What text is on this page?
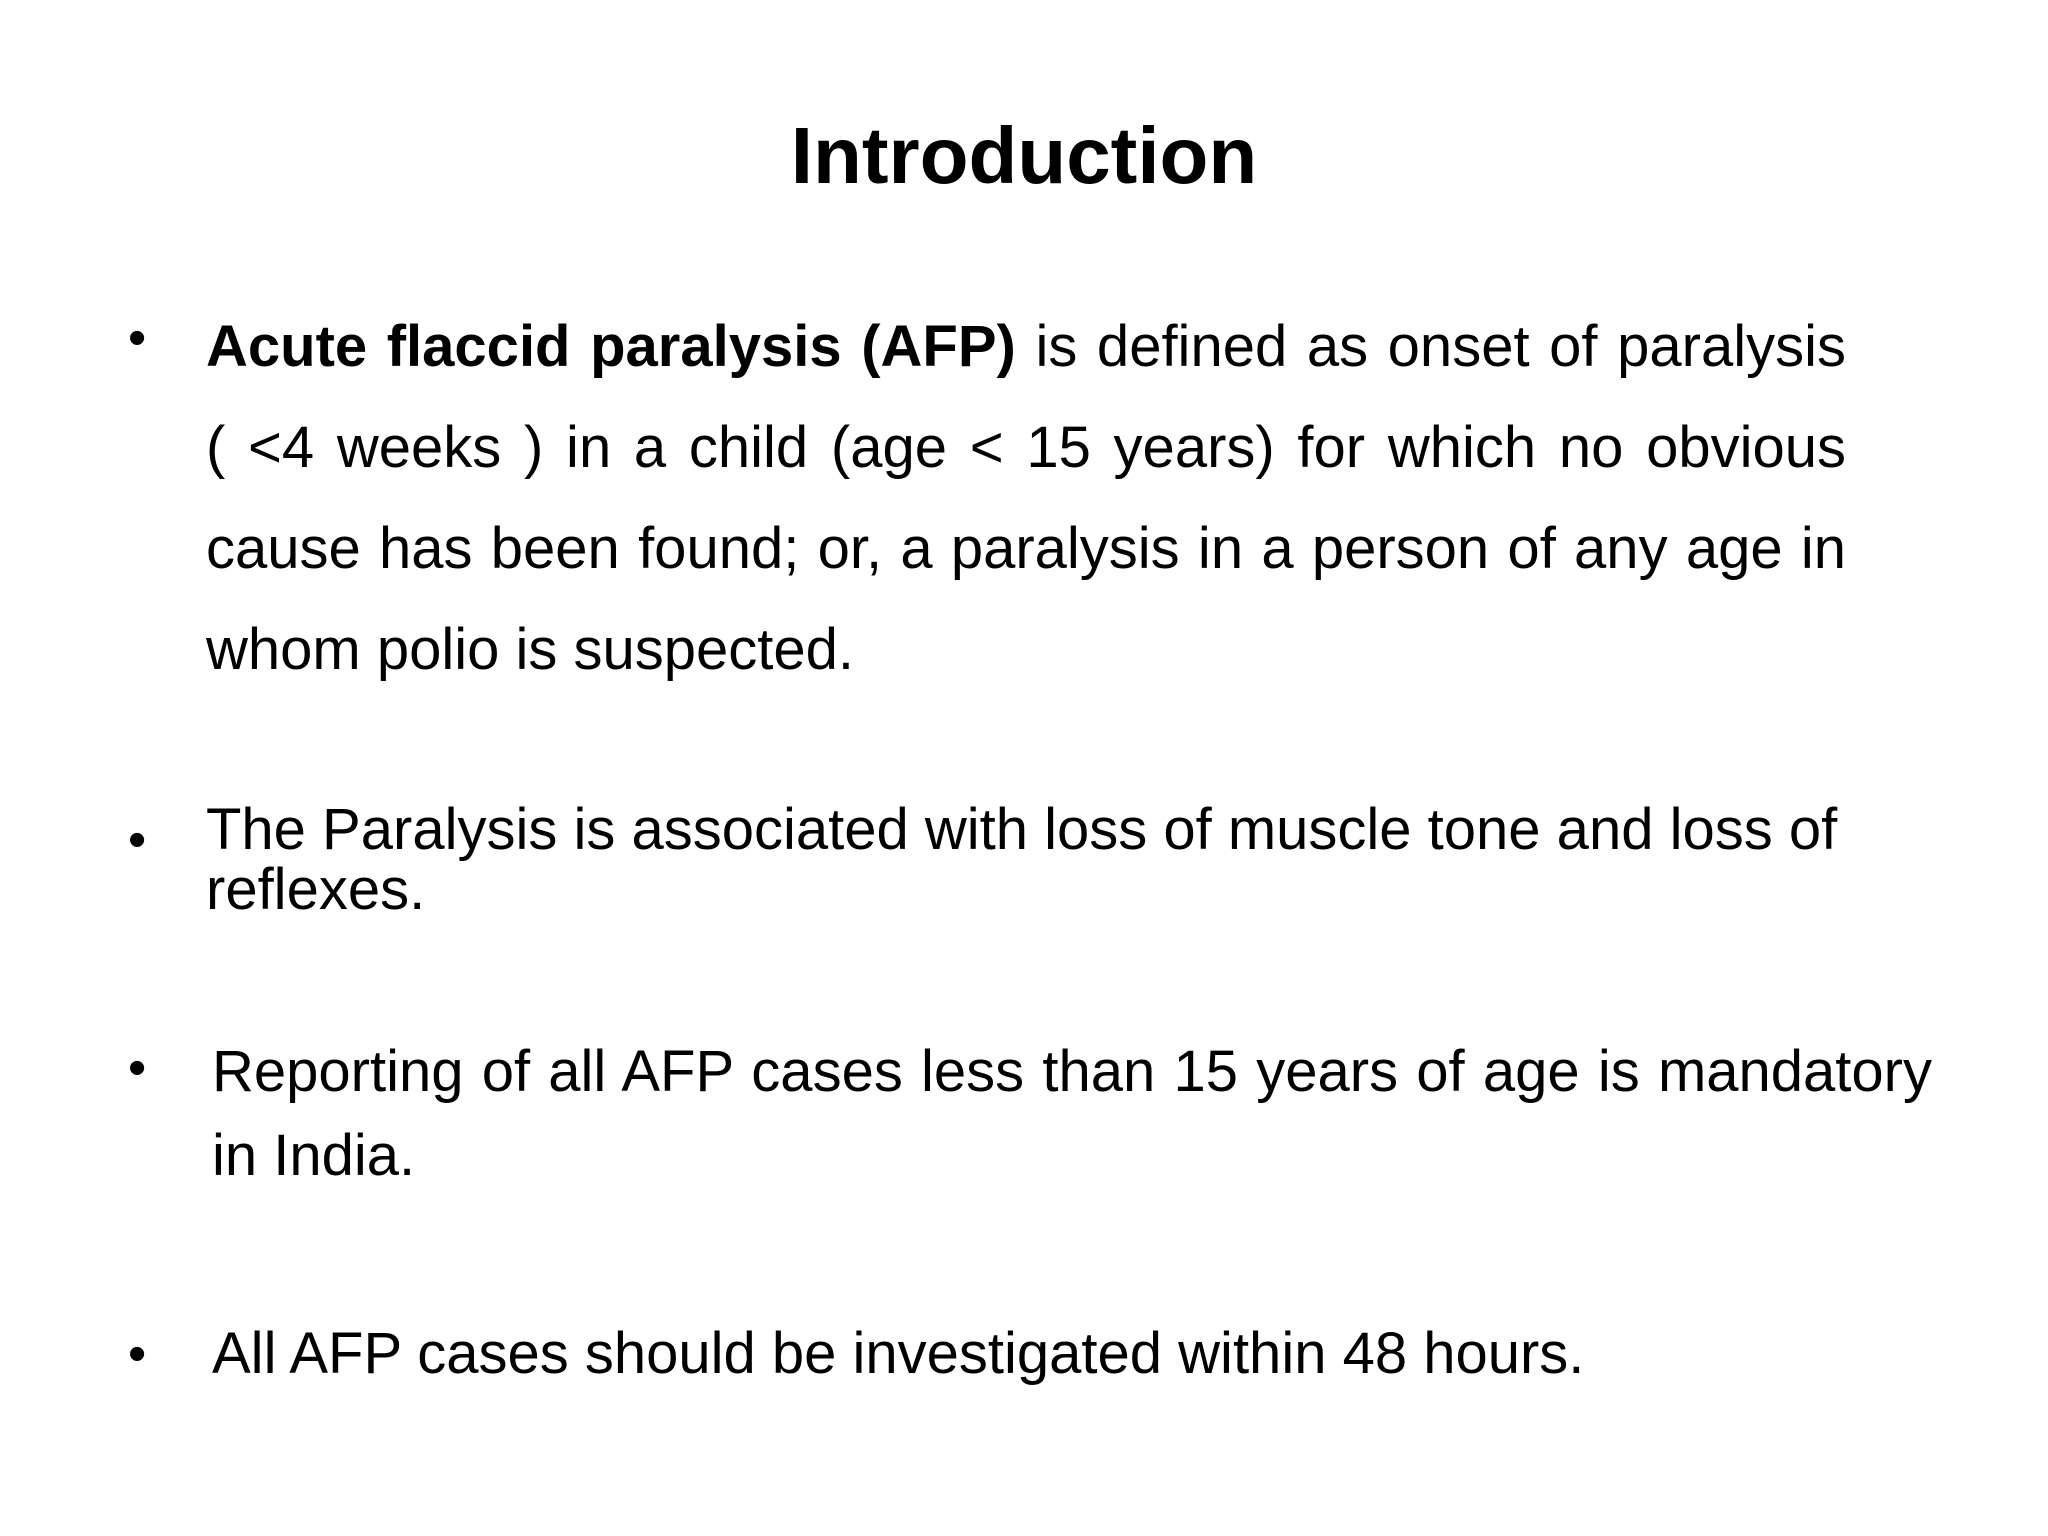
Introduction
• Acute flaccid paralysis (AFP) is defined as onset of paralysis ( <4 weeks ) in a child (age < 15 years) for which no obvious cause has been found; or, a paralysis in a person of any age in whom polio is suspected.
• The Paralysis is associated with loss of muscle tone and loss of reflexes.
• Reporting of all AFP cases less than 15 years of age is mandatory in India.
• All AFP cases should be investigated within 48 hours.
